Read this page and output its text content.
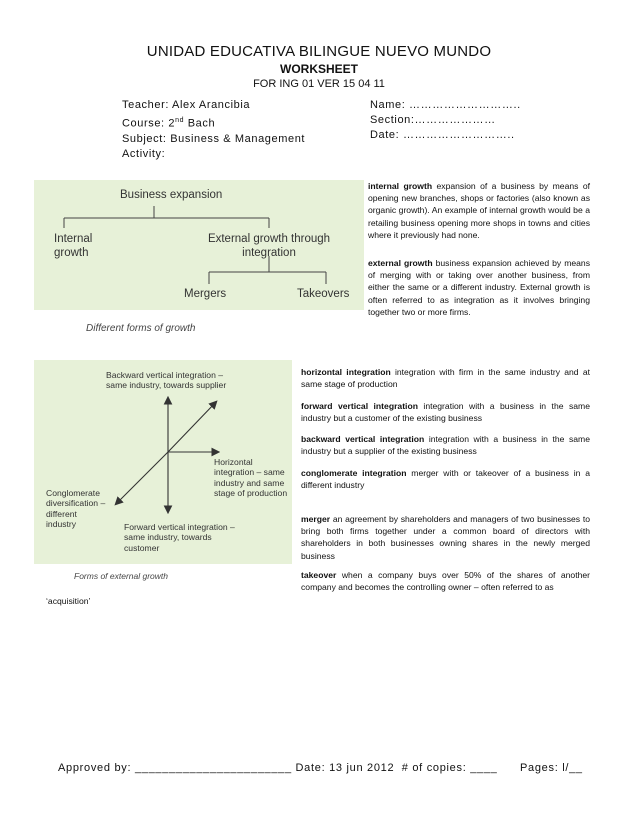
UNIDAD EDUCATIVA BILINGUE NUEVO MUNDO
WORKSHEET
FOR ING 01 VER 15 04 11
Teacher: Alex Arancibia
Course: 2nd Bach
Subject: Business & Management
Activity:
Name: ………………………..
Section:…………………
Date: ………………………..
Business expansion
Internal
growth
External growth through
integration
Mergers	Takeovers
Different forms of growth
internal growth expansion of a business by means of opening new branches, shops or factories (also known as organic growth). An example of internal growth would be a retailing business opening more shops in towns and cities where it previously had none.
external growth business expansion achieved by means of merging with or taking over another business, from either the same or a different industry. External growth is often referred to as integration as it involves bringing together two or more firms.
Backward vertical integration –
same industry, towards supplier
Horizontal
integration – same
industry and same
stage of production
Conglomerate
diversification –
different
industry	Forward vertical integration –
same industry, towards
customer
Forms of external growth
horizontal integration integration with firm in the same industry and at same stage of production
forward vertical integration integration with a business in the same industry but a customer of the existing business
backward vertical integration integration with a business in the same industry but a supplier of the existing business
conglomerate integration merger with or takeover of a business in a different industry
merger an agreement by shareholders and managers of two businesses to bring both firms together under a common board of directors with shareholders in both businesses owning shares in the newly merged business
takeover when a company buys over 50% of the shares of another company and becomes the controlling owner – often referred to as
‘acquisition’
Approved by: _______________________ Date: 13 jun 2012  # of copies: ____      Pages: l/__
